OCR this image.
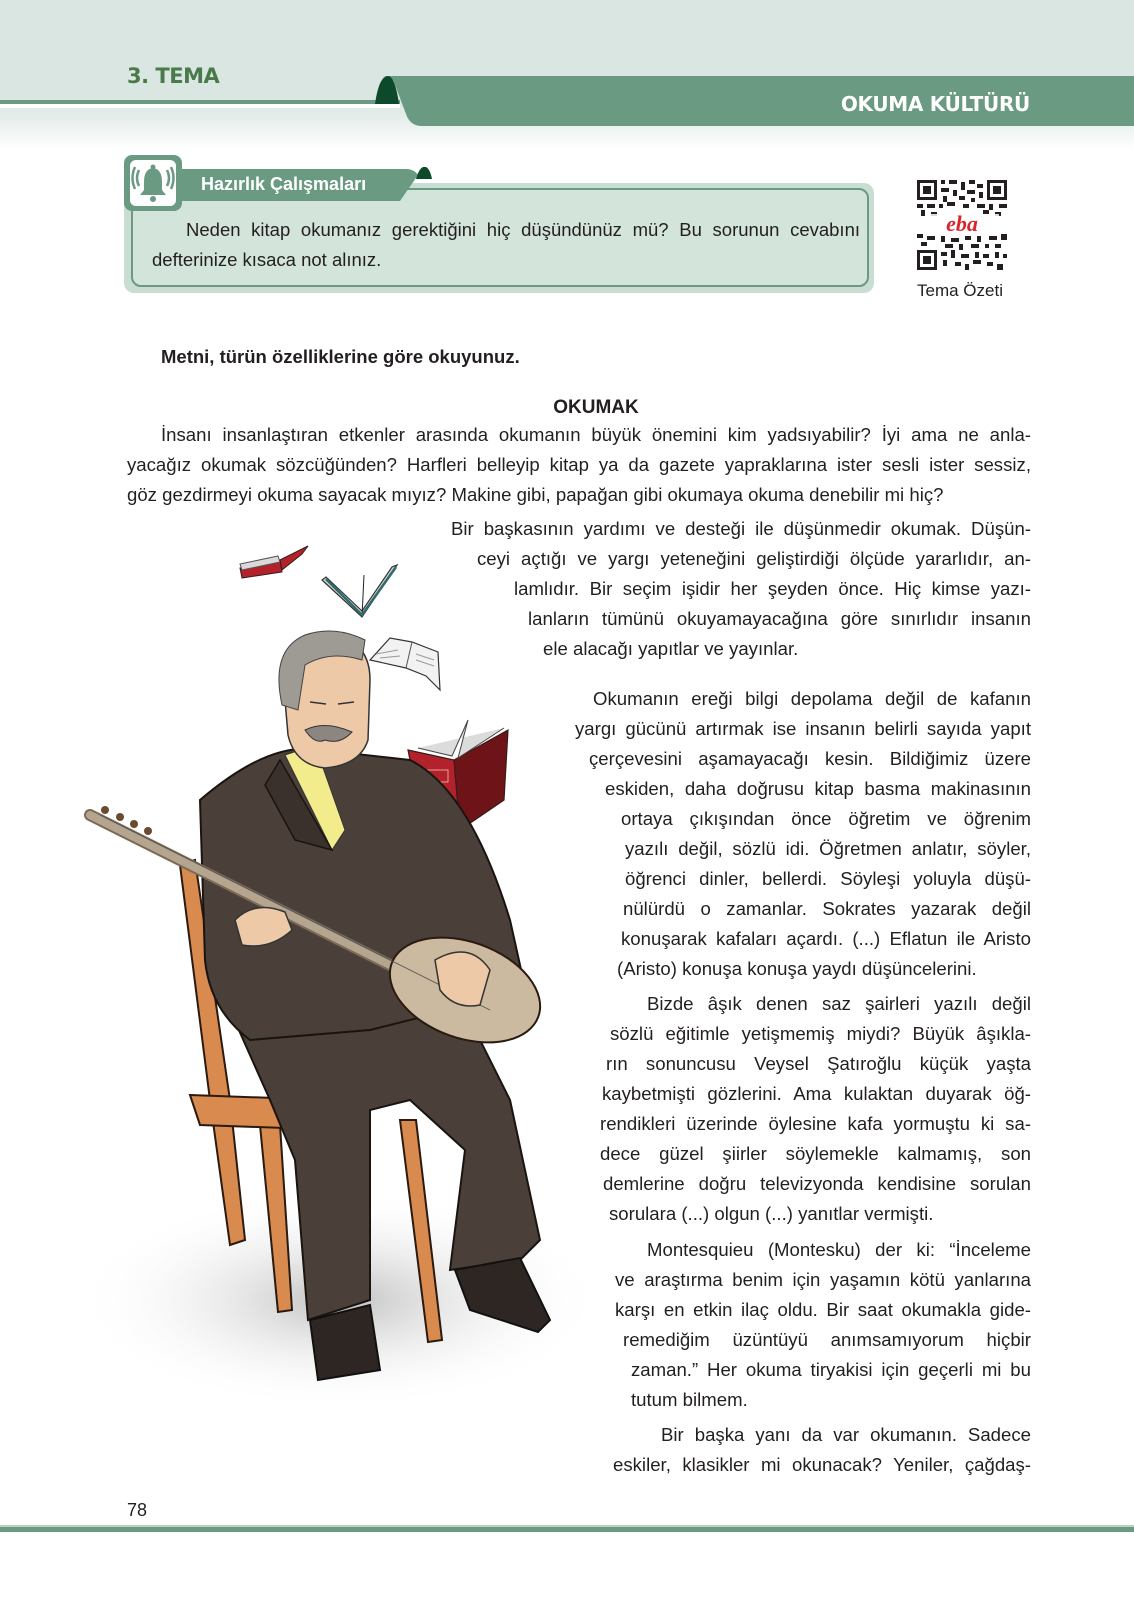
3. TEMA
OKUMA KÜLTÜRÜ
Hazırlık Çalışmaları
Neden kitap okumanız gerektiğini hiç düşündünüz mü? Bu sorunun cevabını
defterinize kısaca not alınız.
eba
Tema Özeti
Metni, türün özelliklerine göre okuyunuz.
OKUMAK
İnsanı insanlaştıran etkenler arasında okumanın büyük önemini kim yadsıyabilir? İyi ama ne anla-
yacağız okumak sözcüğünden? Harfleri belleyip kitap ya da gazete yapraklarına ister sesli ister sessiz,
göz gezdirmeyi okuma sayacak mıyız? Makine gibi, papağan gibi okumaya okuma denebilir mi hiç?
Bir başkasının yardımı ve desteği ile düşünmedir okumak. Düşün-
ceyi açtığı ve yargı yeteneğini geliştirdiği ölçüde yararlıdır, an-
lamlıdır. Bir seçim işidir her şeyden önce. Hiç kimse yazı-
lanların tümünü okuyamayacağına göre sınırlıdır insanın
ele alacağı yapıtlar ve yayınlar.
Okumanın ereği bilgi depolama değil de kafanın
yargı gücünü artırmak ise insanın belirli sayıda yapıt
çerçevesini aşamayacağı kesin. Bildiğimiz üzere
eskiden, daha doğrusu kitap basma makinasının
ortaya çıkışından önce öğretim ve öğrenim
yazılı değil, sözlü idi. Öğretmen anlatır, söyler,
öğrenci dinler, bellerdi. Söyleşi yoluyla düşü-
nülürdü o zamanlar. Sokrates yazarak değil
konuşarak kafaları açardı. (...) Eflatun ile Aristo
(Aristo) konuşa konuşa yaydı düşüncelerini.
Bizde âşık denen saz şairleri yazılı değil
sözlü eğitimle yetişmemiş miydi? Büyük âşıkla-
rın sonuncusu Veysel Şatıroğlu küçük yaşta
kaybetmişti gözlerini. Ama kulaktan duyarak öğ-
rendikleri üzerinde öylesine kafa yormuştu ki sa-
dece güzel şiirler söylemekle kalmamış, son
demlerine doğru televizyonda kendisine sorulan
sorulara (...) olgun (...) yanıtlar vermişti.
Montesquieu (Montesku) der ki: “İnceleme
ve araştırma benim için yaşamın kötü yanlarına
karşı en etkin ilaç oldu. Bir saat okumakla gide-
remediğim üzüntüyü anımsamıyorum hiçbir
zaman.” Her okuma tiryakisi için geçerli mi bu
tutum bilmem.
Bir başka yanı da var okumanın. Sadece
eskiler, klasikler mi okunacak? Yeniler, çağdaş-
78
